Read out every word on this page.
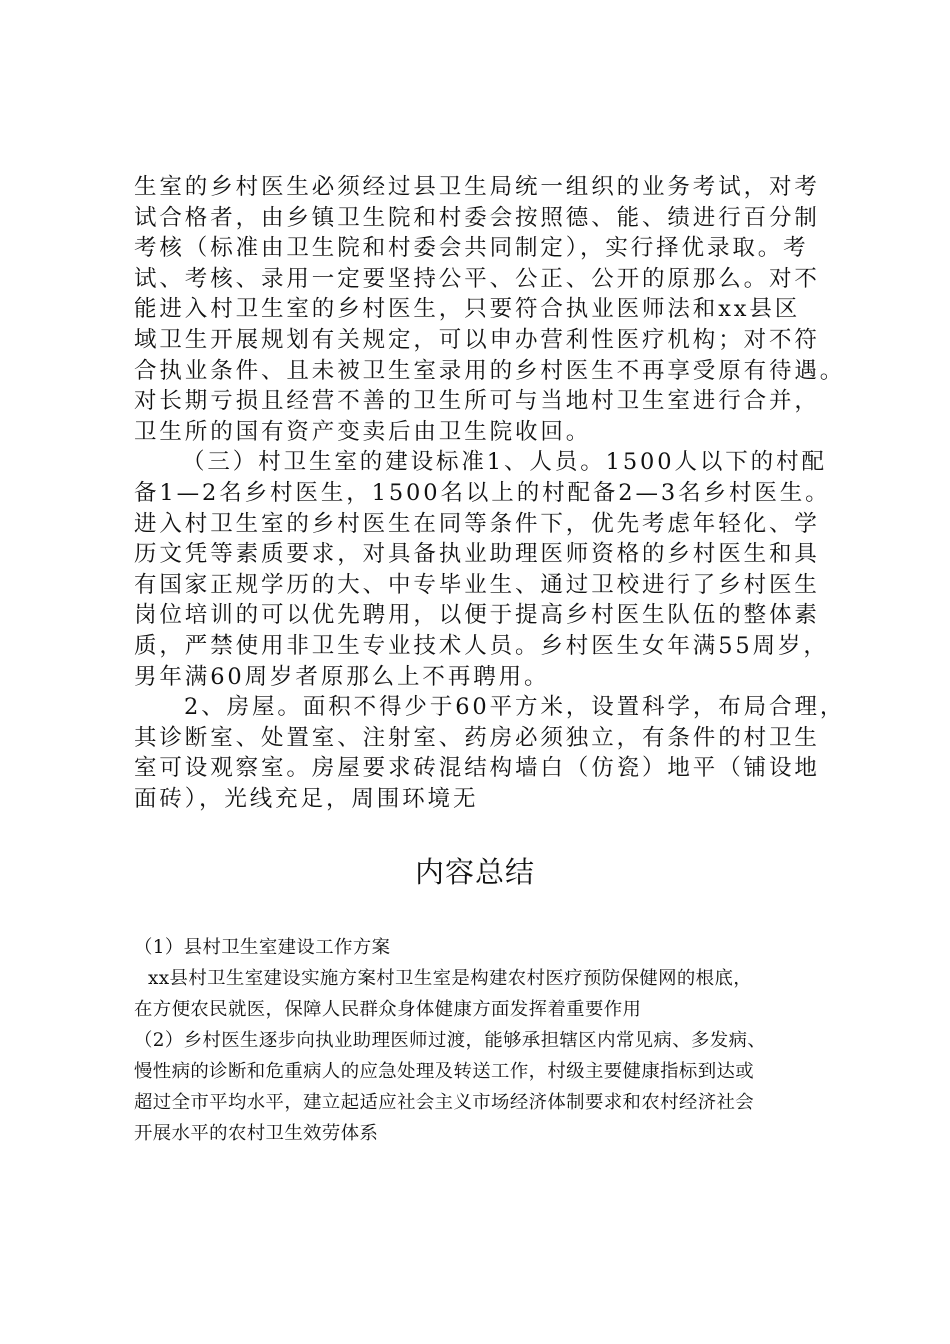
生室的乡村医生必须经过县卫生局统一组织的业务考试，对考
试合格者，由乡镇卫生院和村委会按照德、能、绩进行百分制
考核（标准由卫生院和村委会共同制定），实行择优录取。考
试、考核、录用一定要坚持公平、公正、公开的原那么。对不
能进入村卫生室的乡村医生，只要符合执业医师法和xx县区
域卫生开展规划有关规定，可以申办营利性医疗机构；对不符
合执业条件、且未被卫生室录用的乡村医生不再享受原有待遇。
对长期亏损且经营不善的卫生所可与当地村卫生室进行合并，
卫生所的国有资产变卖后由卫生院收回。
（三）村卫生室的建设标准1、人员。1500人以下的村配
备1—2名乡村医生，1500名以上的村配备2—3名乡村医生。
进入村卫生室的乡村医生在同等条件下，优先考虑年轻化、学
历文凭等素质要求，对具备执业助理医师资格的乡村医生和具
有国家正规学历的大、中专毕业生、通过卫校进行了乡村医生
岗位培训的可以优先聘用，以便于提高乡村医生队伍的整体素
质，严禁使用非卫生专业技术人员。乡村医生女年满55周岁，
男年满60周岁者原那么上不再聘用。
2、房屋。面积不得少于60平方米，设置科学，布局合理，
其诊断室、处置室、注射室、药房必须独立，有条件的村卫生
室可设观察室。房屋要求砖混结构墙白（仿瓷）地平（铺设地
面砖），光线充足，周围环境无
内容总结
（1）县村卫生室建设工作方案
xx县村卫生室建设实施方案村卫生室是构建农村医疗预防保健网的根底，
在方便农民就医，保障人民群众身体健康方面发挥着重要作用
（2）乡村医生逐步向执业助理医师过渡，能够承担辖区内常见病、多发病、
慢性病的诊断和危重病人的应急处理及转送工作，村级主要健康指标到达或
超过全市平均水平，建立起适应社会主义市场经济体制要求和农村经济社会
开展水平的农村卫生效劳体系
